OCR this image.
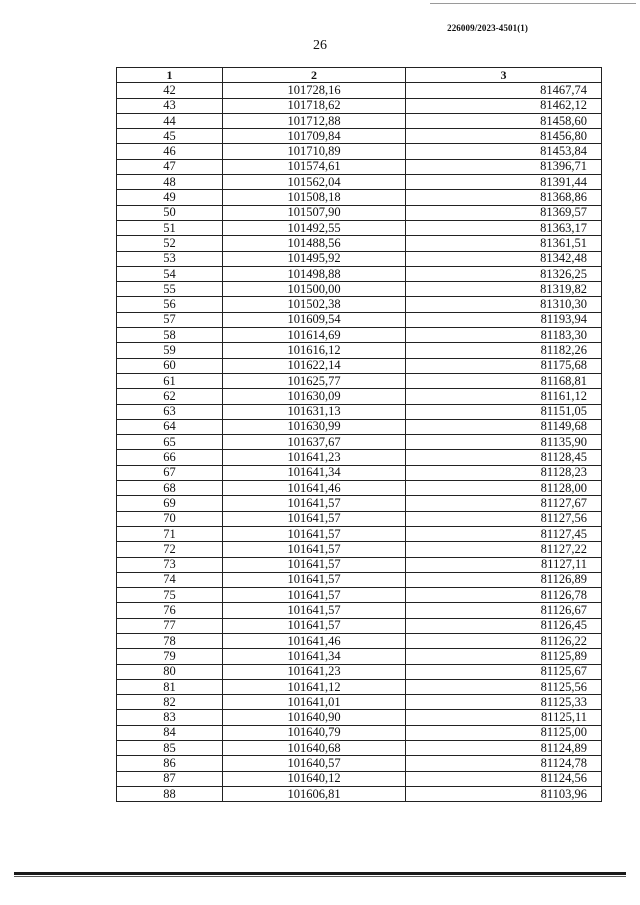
226009/2023-4501(1)
26
1	2	3
42	101728,16	81467,74
43	101718,62	81462,12
44	101712,88	81458,60
45	101709,84	81456,80
46	101710,89	81453,84
47	101574,61	81396,71
48	101562,04	81391,44
49	101508,18	81368,86
50	101507,90	81369,57
51	101492,55	81363,17
52	101488,56	81361,51
53	101495,92	81342,48
54	101498,88	81326,25
55	101500,00	81319,82
56	101502,38	81310,30
57	101609,54	81193,94
58	101614,69	81183,30
59	101616,12	81182,26
60	101622,14	81175,68
61	101625,77	81168,81
62	101630,09	81161,12
63	101631,13	81151,05
64	101630,99	81149,68
65	101637,67	81135,90
66	101641,23	81128,45
67	101641,34	81128,23
68	101641,46	81128,00
69	101641,57	81127,67
70	101641,57	81127,56
71	101641,57	81127,45
72	101641,57	81127,22
73	101641,57	81127,11
74	101641,57	81126,89
75	101641,57	81126,78
76	101641,57	81126,67
77	101641,57	81126,45
78	101641,46	81126,22
79	101641,34	81125,89
80	101641,23	81125,67
81	101641,12	81125,56
82	101641,01	81125,33
83	101640,90	81125,11
84	101640,79	81125,00
85	101640,68	81124,89
86	101640,57	81124,78
87	101640,12	81124,56
88	101606,81	81103,96
